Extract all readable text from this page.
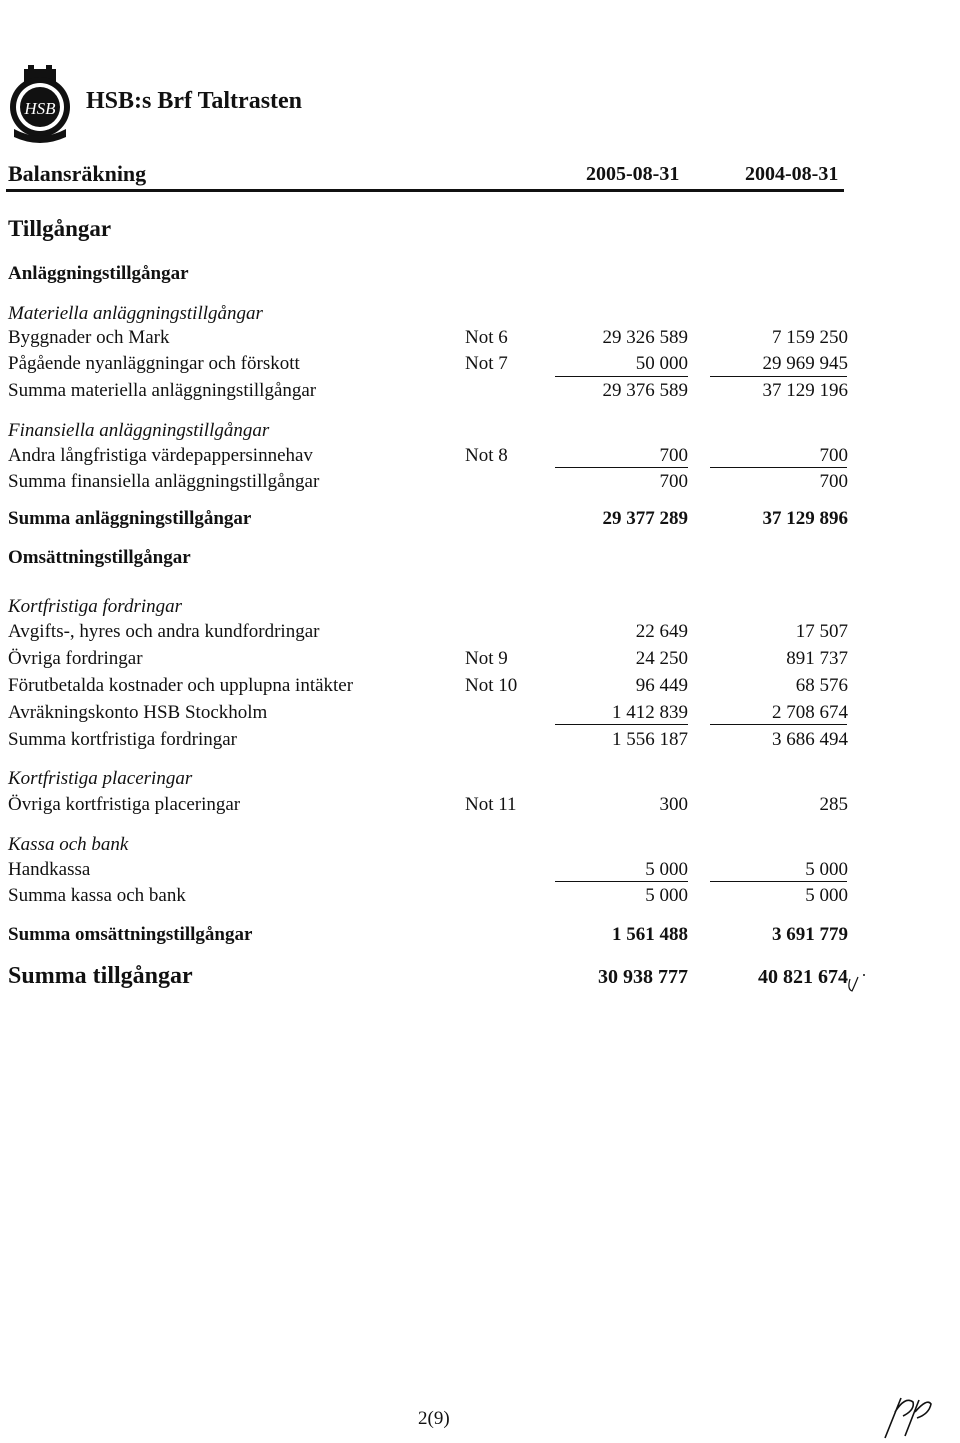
HSB HSB:s Brf Taltrasten
Balansräkning	2005-08-31	2004-08-31
Tillgångar
Anläggningstillgångar
Materiella anläggningstillgångar
Byggnader och Mark	Not 6	29 326 589	7 159 250
Pågående nyanläggningar och förskott	Not 7	50 000	29 969 945
Summa materiella anläggningstillgångar	29 376 589	37 129 196
Finansiella anläggningstillgångar
Andra långfristiga värdepappersinnehav	Not 8	700	700
Summa finansiella anläggningstillgångar	700	700
Summa anläggningstillgångar	29 377 289	37 129 896
Omsättningstillgångar
Kortfristiga fordringar
Avgifts-, hyres och andra kundfordringar	22 649	17 507
Övriga fordringar	Not 9	24 250	891 737
Förutbetalda kostnader och upplupna intäkter	Not 10	96 449	68 576
Avräkningskonto HSB Stockholm	1 412 839	2 708 674
Summa kortfristiga fordringar	1 556 187	3 686 494
Kortfristiga placeringar
Övriga kortfristiga placeringar	Not 11	300	285
Kassa och bank
Handkassa	5 000	5 000
Summa kassa och bank	5 000	5 000
Summa omsättningstillgångar	1 561 488	3 691 779
Summa tillgångar	30 938 777	40 821 674
2(9)
